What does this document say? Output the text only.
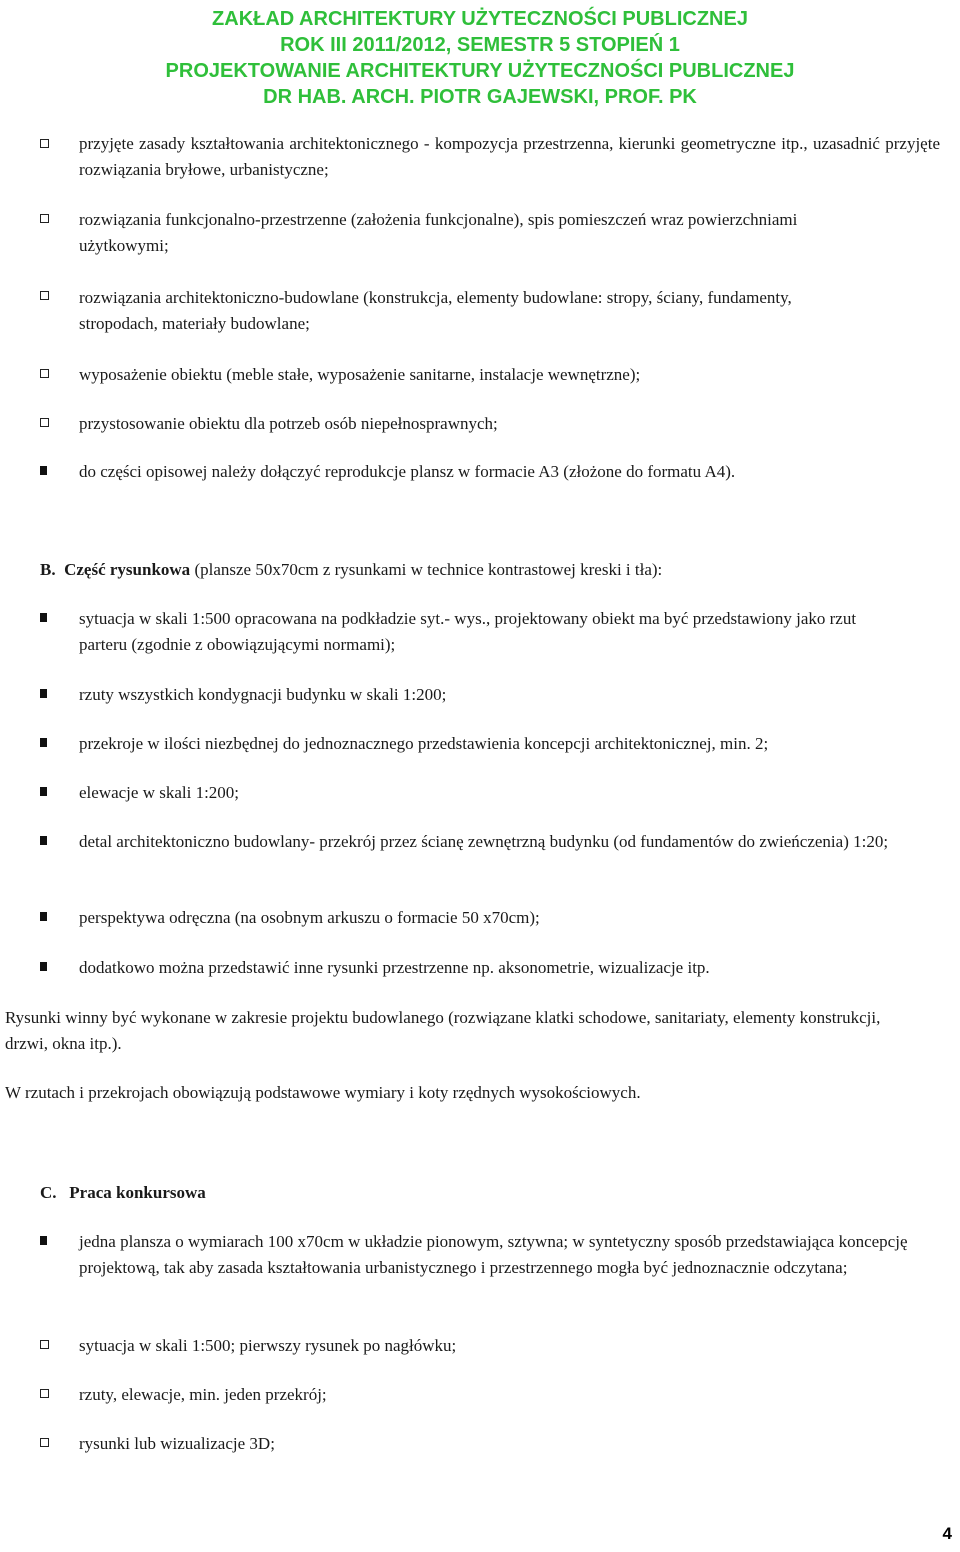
ZAKŁAD ARCHITEKTURY UŻYTECZNOŚCI PUBLICZNEJ
ROK III 2011/2012, SEMESTR 5 STOPIEŃ 1
PROJEKTOWANIE ARCHITEKTURY UŻYTECZNOŚCI PUBLICZNEJ
DR HAB. ARCH. PIOTR GAJEWSKI, PROF. PK
przyjęte zasady kształtowania architektonicznego - kompozycja przestrzenna, kierunki geometryczne itp., uzasadnić przyjęte rozwiązania bryłowe, urbanistyczne;
rozwiązania funkcjonalno-przestrzenne (założenia funkcjonalne), spis pomieszczeń wraz powierzchniami użytkowymi;
rozwiązania architektoniczno-budowlane (konstrukcja, elementy budowlane: stropy, ściany, fundamenty, stropodach, materiały budowlane;
wyposażenie obiektu (meble stałe, wyposażenie sanitarne, instalacje wewnętrzne);
przystosowanie obiektu dla potrzeb osób niepełnosprawnych;
do części opisowej należy dołączyć reprodukcje plansz w formacie A3 (złożone do formatu A4).
B. Część rysunkowa (plansze 50x70cm z rysunkami w technice kontrastowej kreski i tła):
sytuacja w skali 1:500 opracowana na podkładzie syt.- wys., projektowany obiekt ma być przedstawiony jako rzut parteru (zgodnie z obowiązującymi normami);
rzuty wszystkich kondygnacji budynku w skali 1:200;
przekroje w ilości niezbędnej do jednoznacznego przedstawienia koncepcji architektonicznej, min. 2;
elewacje w skali 1:200;
detal architektoniczno budowlany- przekrój przez ścianę zewnętrzną budynku (od fundamentów do zwieńczenia) 1:20;
perspektywa odręczna (na osobnym arkuszu o formacie 50 x70cm);
dodatkowo można przedstawić inne rysunki przestrzenne np. aksonometrie, wizualizacje itp.
Rysunki winny być wykonane w zakresie projektu budowlanego (rozwiązane klatki schodowe, sanitariaty, elementy konstrukcji, drzwi, okna itp.).
W rzutach i przekrojach obowiązują podstawowe wymiary i koty rzędnych wysokościowych.
C. Praca konkursowa
jedna plansza o wymiarach 100 x70cm w układzie pionowym, sztywna; w syntetyczny sposób przedstawiająca koncepcję projektową, tak aby zasada kształtowania urbanistycznego i przestrzennego mogła być jednoznacznie odczytana;
sytuacja w skali 1:500; pierwszy rysunek po nagłówku;
rzuty, elewacje, min. jeden przekrój;
rysunki lub wizualizacje 3D;
4
